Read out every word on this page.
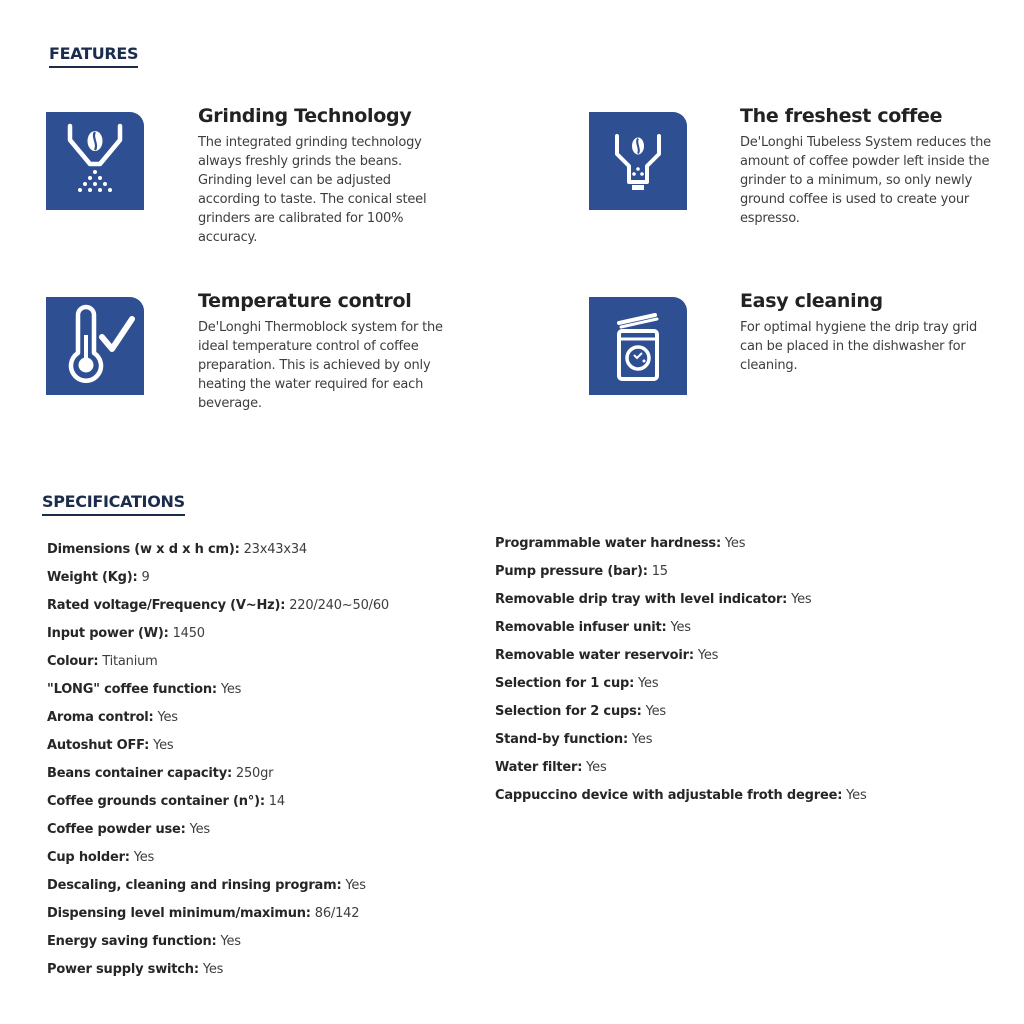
FEATURES
Grinding Technology

The integrated grinding technology always freshly grinds the beans. Grinding level can be adjusted according to taste. The conical steel grinders are calibrated for 100% accuracy.

The freshest coffee

De'Longhi Tubeless System reduces the amount of coffee powder left inside the grinder to a minimum, so only newly ground coffee is used to create your espresso.

Temperature control

De'Longhi Thermoblock system for the ideal temperature control of coffee preparation. This is achieved by only heating the water required for each beverage.

Easy cleaning

For optimal hygiene the drip tray grid can be placed in the dishwasher for cleaning.

SPECIFICATIONS
Dimensions (w x d x h cm): 23x43x34
Weight (Kg): 9
Rated voltage/Frequency (V~Hz): 220/240~50/60
Input power (W): 1450
Colour: Titanium
"LONG" coffee function: Yes
Aroma control: Yes
Autoshut OFF: Yes
Beans container capacity: 250gr
Coffee grounds container (n°): 14
Coffee powder use: Yes
Cup holder: Yes
Descaling, cleaning and rinsing program: Yes
Dispensing level minimum/maximun: 86/142
Energy saving function: Yes
Power supply switch: Yes
Programmable water hardness: Yes
Pump pressure (bar): 15
Removable drip tray with level indicator: Yes
Removable infuser unit: Yes
Removable water reservoir: Yes
Selection for 1 cup: Yes
Selection for 2 cups: Yes
Stand-by function: Yes
Water filter: Yes
Cappuccino device with adjustable froth degree: Yes
